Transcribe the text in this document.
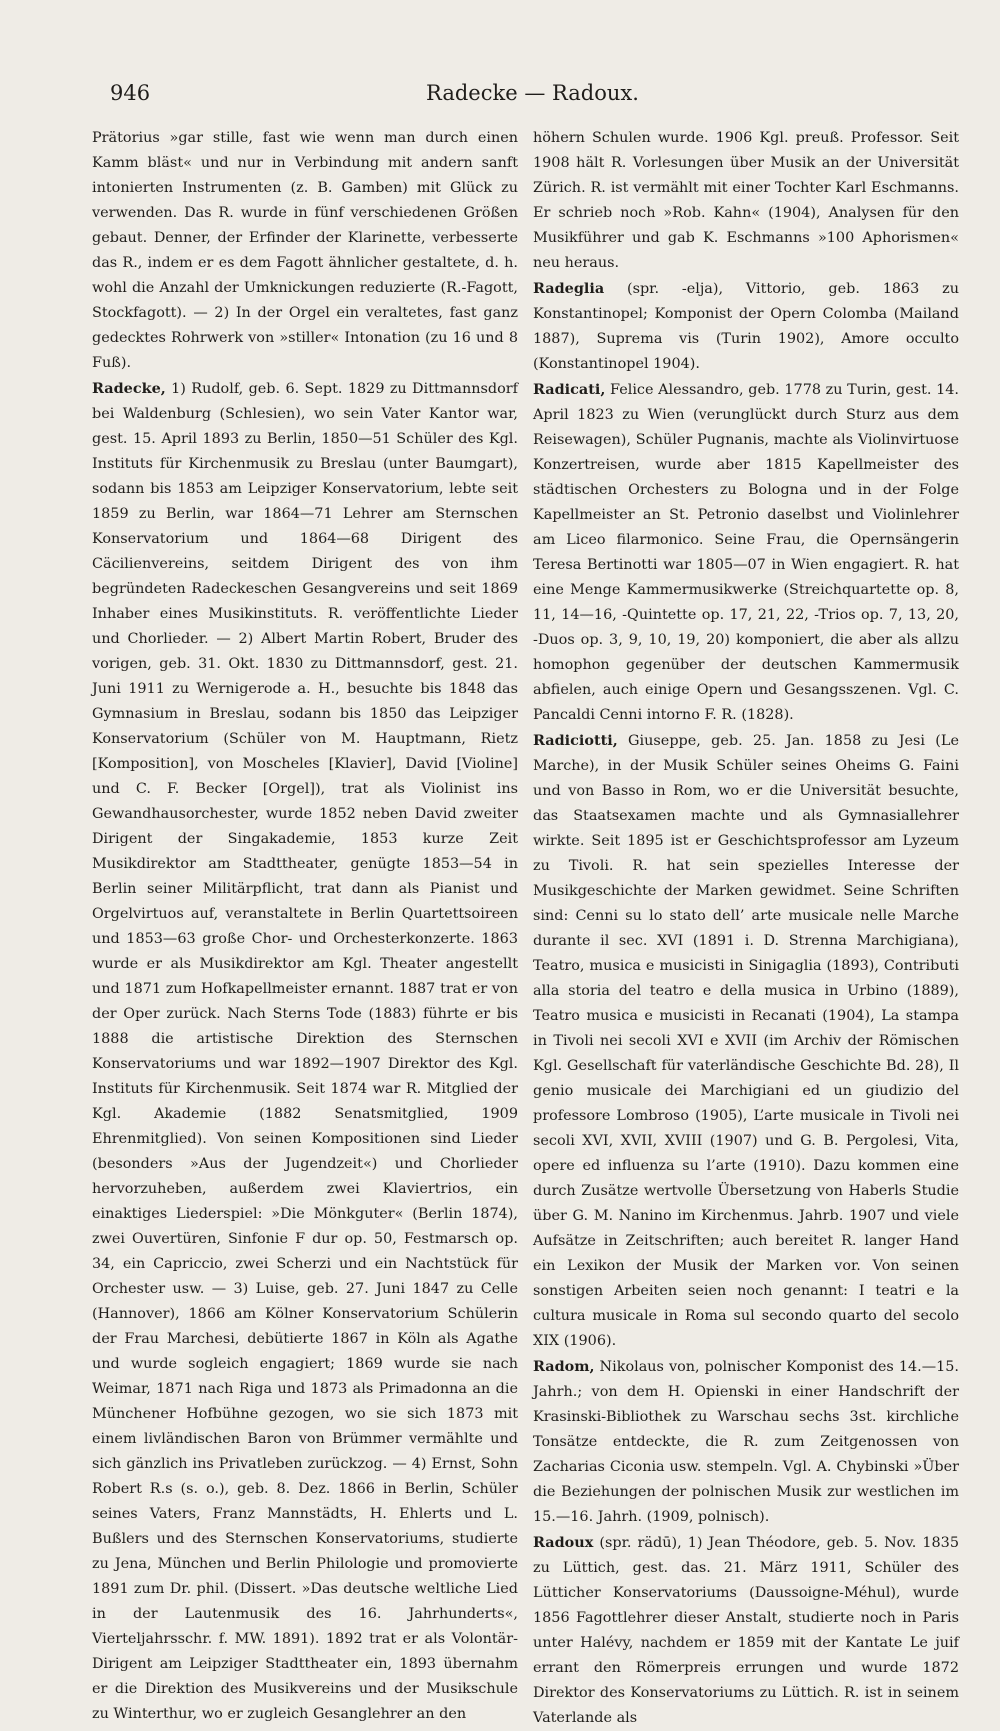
946	Radecke — Radoux.

Prätorius »gar stille, fast wie wenn man durch einen Kamm bläst« und nur in Verbindung mit andern sanft intonierten Instrumenten (z. B. Gamben) mit Glück zu verwenden. Das R. wurde in fünf verschiedenen Größen gebaut. Denner, der Erfinder der Klarinette, verbesserte das R., indem er es dem Fagott ähnlicher gestaltete, d. h. wohl die Anzahl der Umknickungen reduzierte (R.-Fagott, Stockfagott). — 2) In der Orgel ein veraltetes, fast ganz gedecktes Rohrwerk von »stiller« Intonation (zu 16 und 8 Fuß).

Radecke, 1) Rudolf, geb. 6. Sept. 1829 zu Dittmannsdorf bei Waldenburg (Schlesien), wo sein Vater Kantor war, gest. 15. April 1893 zu Berlin, 1850—51 Schüler des Kgl. Instituts für Kirchenmusik zu Breslau (unter Baumgart), sodann bis 1853 am Leipziger Konservatorium, lebte seit 1859 zu Berlin, war 1864—71 Lehrer am Sternschen Konservatorium und 1864—68 Dirigent des Cäcilienvereins, seitdem Dirigent des von ihm begründeten Radeckeschen Gesangvereins und seit 1869 Inhaber eines Musikinstituts. R. veröffentlichte Lieder und Chorlieder. — 2) Albert Martin Robert, Bruder des vorigen, geb. 31. Okt. 1830 zu Dittmannsdorf, gest. 21. Juni 1911 zu Wernigerode a. H., besuchte bis 1848 das Gymnasium in Breslau, sodann bis 1850 das Leipziger Konservatorium (Schüler von M. Hauptmann, Rietz [Komposition], von Moscheles [Klavier], David [Violine] und C. F. Becker [Orgel]), trat als Violinist ins Gewandhausorchester, wurde 1852 neben David zweiter Dirigent der Singakademie, 1853 kurze Zeit Musikdirektor am Stadttheater, genügte 1853—54 in Berlin seiner Militärpflicht, trat dann als Pianist und Orgelvirtuos auf, veranstaltete in Berlin Quartettsoireen und 1853—63 große Chor- und Orchesterkonzerte. 1863 wurde er als Musikdirektor am Kgl. Theater angestellt und 1871 zum Hofkapellmeister ernannt. 1887 trat er von der Oper zurück. Nach Sterns Tode (1883) führte er bis 1888 die artistische Direktion des Sternschen Konservatoriums und war 1892—1907 Direktor des Kgl. Instituts für Kirchenmusik. Seit 1874 war R. Mitglied der Kgl. Akademie (1882 Senatsmitglied, 1909 Ehrenmitglied). Von seinen Kompositionen sind Lieder (besonders »Aus der Jugendzeit«) und Chorlieder hervorzuheben, außerdem zwei Klaviertrios, ein einaktiges Liederspiel: »Die Mönkguter« (Berlin 1874), zwei Ouvertüren, Sinfonie F dur op. 50, Festmarsch op. 34, ein Capriccio, zwei Scherzi und ein Nachtstück für Orchester usw. — 3) Luise, geb. 27. Juni 1847 zu Celle (Hannover), 1866 am Kölner Konservatorium Schülerin der Frau Marchesi, debütierte 1867 in Köln als Agathe und wurde sogleich engagiert; 1869 wurde sie nach Weimar, 1871 nach Riga und 1873 als Primadonna an die Münchener Hofbühne gezogen, wo sie sich 1873 mit einem livländischen Baron von Brümmer vermählte und sich gänzlich ins Privatleben zurückzog. — 4) Ernst, Sohn Robert R.s (s. o.), geb. 8. Dez. 1866 in Berlin, Schüler seines Vaters, Franz Mannstädts, H. Ehlerts und L. Bußlers und des Sternschen Konservatoriums, studierte zu Jena, München und Berlin Philologie und promovierte 1891 zum Dr. phil. (Dissert. »Das deutsche weltliche Lied in der Lautenmusik des 16. Jahrhunderts«, Vierteljahrsschr. f. MW. 1891). 1892 trat er als Volontär-Dirigent am Leipziger Stadttheater ein, 1893 übernahm er die Direktion des Musikvereins und der Musikschule zu Winterthur, wo er zugleich Gesanglehrer an den

höhern Schulen wurde. 1906 Kgl. preuß. Professor. Seit 1908 hält R. Vorlesungen über Musik an der Universität Zürich. R. ist vermählt mit einer Tochter Karl Eschmanns. Er schrieb noch »Rob. Kahn« (1904), Analysen für den Musikführer und gab K. Eschmanns »100 Aphorismen« neu heraus.

Radeglia (spr. -elja), Vittorio, geb. 1863 zu Konstantinopel; Komponist der Opern Colomba (Mailand 1887), Suprema vis (Turin 1902), Amore occulto (Konstantinopel 1904).

Radicati, Felice Alessandro, geb. 1778 zu Turin, gest. 14. April 1823 zu Wien (verunglückt durch Sturz aus dem Reisewagen), Schüler Pugnanis, machte als Violinvirtuose Konzertreisen, wurde aber 1815 Kapellmeister des städtischen Orchesters zu Bologna und in der Folge Kapellmeister an St. Petronio daselbst und Violinlehrer am Liceo filarmonico. Seine Frau, die Opernsängerin Teresa Bertinotti war 1805—07 in Wien engagiert. R. hat eine Menge Kammermusikwerke (Streichquartette op. 8, 11, 14—16, -Quintette op. 17, 21, 22, -Trios op. 7, 13, 20, -Duos op. 3, 9, 10, 19, 20) komponiert, die aber als allzu homophon gegenüber der deutschen Kammermusik abfielen, auch einige Opern und Gesangsszenen. Vgl. C. Pancaldi Cenni intorno F. R. (1828).

Radiciotti, Giuseppe, geb. 25. Jan. 1858 zu Jesi (Le Marche), in der Musik Schüler seines Oheims G. Faini und von Basso in Rom, wo er die Universität besuchte, das Staatsexamen machte und als Gymnasiallehrer wirkte. Seit 1895 ist er Geschichtsprofessor am Lyzeum zu Tivoli. R. hat sein spezielles Interesse der Musikgeschichte der Marken gewidmet. Seine Schriften sind: Cenni su lo stato dell’ arte musicale nelle Marche durante il sec. XVI (1891 i. D. Strenna Marchigiana), Teatro, musica e musicisti in Sinigaglia (1893), Contributi alla storia del teatro e della musica in Urbino (1889), Teatro musica e musicisti in Recanati (1904), La stampa in Tivoli nei secoli XVI e XVII (im Archiv der Römischen Kgl. Gesellschaft für vaterländische Geschichte Bd. 28), Il genio musicale dei Marchigiani ed un giudizio del professore Lombroso (1905), L’arte musicale in Tivoli nei secoli XVI, XVII, XVIII (1907) und G. B. Pergolesi, Vita, opere ed influenza su l’arte (1910). Dazu kommen eine durch Zusätze wertvolle Übersetzung von Haberls Studie über G. M. Nanino im Kirchenmus. Jahrb. 1907 und viele Aufsätze in Zeitschriften; auch bereitet R. langer Hand ein Lexikon der Musik der Marken vor. Von seinen sonstigen Arbeiten seien noch genannt: I teatri e la cultura musicale in Roma sul secondo quarto del secolo XIX (1906).

Radom, Nikolaus von, polnischer Komponist des 14.—15. Jahrh.; von dem H. Opienski in einer Handschrift der Krasinski-Bibliothek zu Warschau sechs 3st. kirchliche Tonsätze entdeckte, die R. zum Zeitgenossen von Zacharias Ciconia usw. stempeln. Vgl. A. Chybinski »Über die Beziehungen der polnischen Musik zur westlichen im 15.—16. Jahrh. (1909, polnisch).

Radoux (spr. rädū), 1) Jean Théodore, geb. 5. Nov. 1835 zu Lüttich, gest. das. 21. März 1911, Schüler des Lütticher Konservatoriums (Daussoigne-Méhul), wurde 1856 Fagottlehrer dieser Anstalt, studierte noch in Paris unter Halévy, nachdem er 1859 mit der Kantate Le juif errant den Römerpreis errungen und wurde 1872 Direktor des Konservatoriums zu Lüttich. R. ist in seinem Vaterlande als
